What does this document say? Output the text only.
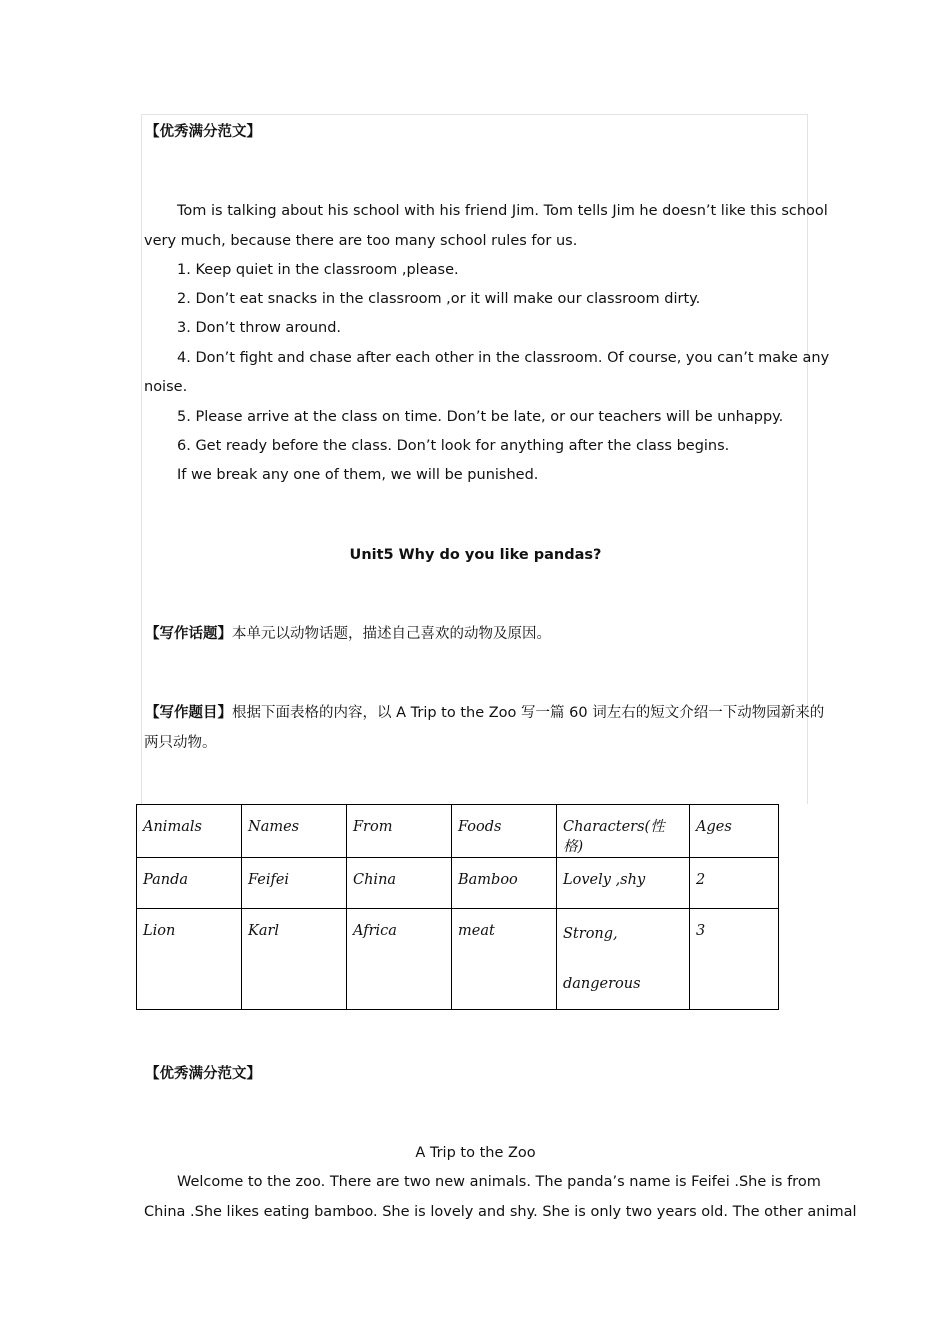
【优秀满分范文】
Tom is talking about his school with his friend Jim. Tom tells Jim he doesn’t like this school
very much, because there are too many school rules for us.
1. Keep quiet in the classroom ,please.
2. Don’t eat snacks in the classroom ,or it will make our classroom dirty.
3. Don’t throw around.
4. Don’t fight and chase after each other in the classroom. Of course, you can’t make any
noise.
5. Please arrive at the class on time. Don’t be late, or our teachers will be unhappy.
6. Get ready before the class. Don’t look for anything after the class begins.
If we break any one of them, we will be punished.
Unit5 Why do you like pandas?
【写作话题】本单元以动物话题，描述自己喜欢的动物及原因。
【写作题目】根据下面表格的内容，以 A Trip to the Zoo 写一篇 60 词左右的短文介绍一下动物园新来的
两只动物。
Animals	Names	From	Foods	Characters(性格)	Ages
Panda	Feifei	China	Bamboo	Lovely ,shy	2
Lion	Karl	Africa	meat	Strong, dangerous	3
【优秀满分范文】
A Trip to the Zoo
Welcome to the zoo. There are two new animals. The panda’s name is Feifei .She is from
China .She likes eating bamboo. She is lovely and shy. She is only two years old. The other animal
